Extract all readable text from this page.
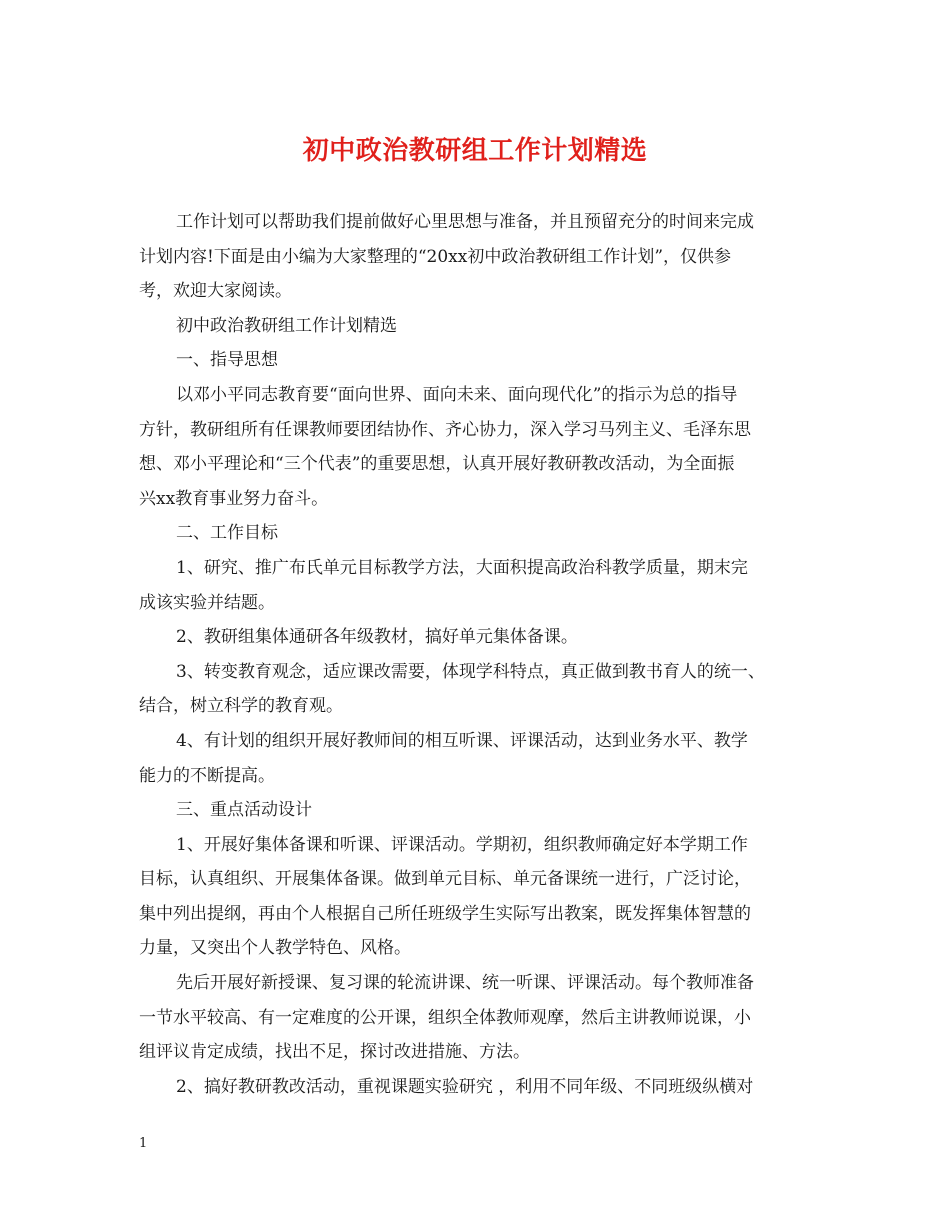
初中政治教研组工作计划精选
工作计划可以帮助我们提前做好心里思想与准备，并且预留充分的时间来完成
计划内容!下面是由小编为大家整理的“20xx初中政治教研组工作计划”，仅供参
考，欢迎大家阅读。
初中政治教研组工作计划精选
一、指导思想
以邓小平同志教育要“面向世界、面向未来、面向现代化”的指示为总的指导
方针，教研组所有任课教师要团结协作、齐心协力，深入学习马列主义、毛泽东思
想、邓小平理论和“三个代表”的重要思想，认真开展好教研教改活动，为全面振
兴xx教育事业努力奋斗。
二、工作目标
1、研究、推广布氏单元目标教学方法，大面积提高政治科教学质量，期末完
成该实验并结题。
2、教研组集体通研各年级教材，搞好单元集体备课。
3、转变教育观念，适应课改需要，体现学科特点，真正做到教书育人的统一、
结合，树立科学的教育观。
4、有计划的组织开展好教师间的相互听课、评课活动，达到业务水平、教学
能力的不断提高。
三、重点活动设计
1、开展好集体备课和听课、评课活动。学期初，组织教师确定好本学期工作
目标，认真组织、开展集体备课。做到单元目标、单元备课统一进行，广泛讨论，
集中列出提纲，再由个人根据自己所任班级学生实际写出教案，既发挥集体智慧的
力量，又突出个人教学特色、风格。
先后开展好新授课、复习课的轮流讲课、统一听课、评课活动。每个教师准备
一节水平较高、有一定难度的公开课，组织全体教师观摩，然后主讲教师说课，小
组评议肯定成绩，找出不足，探讨改进措施、方法。
2、搞好教研教改活动，重视课题实验研究 ，利用不同年级、不同班级纵横对
1
